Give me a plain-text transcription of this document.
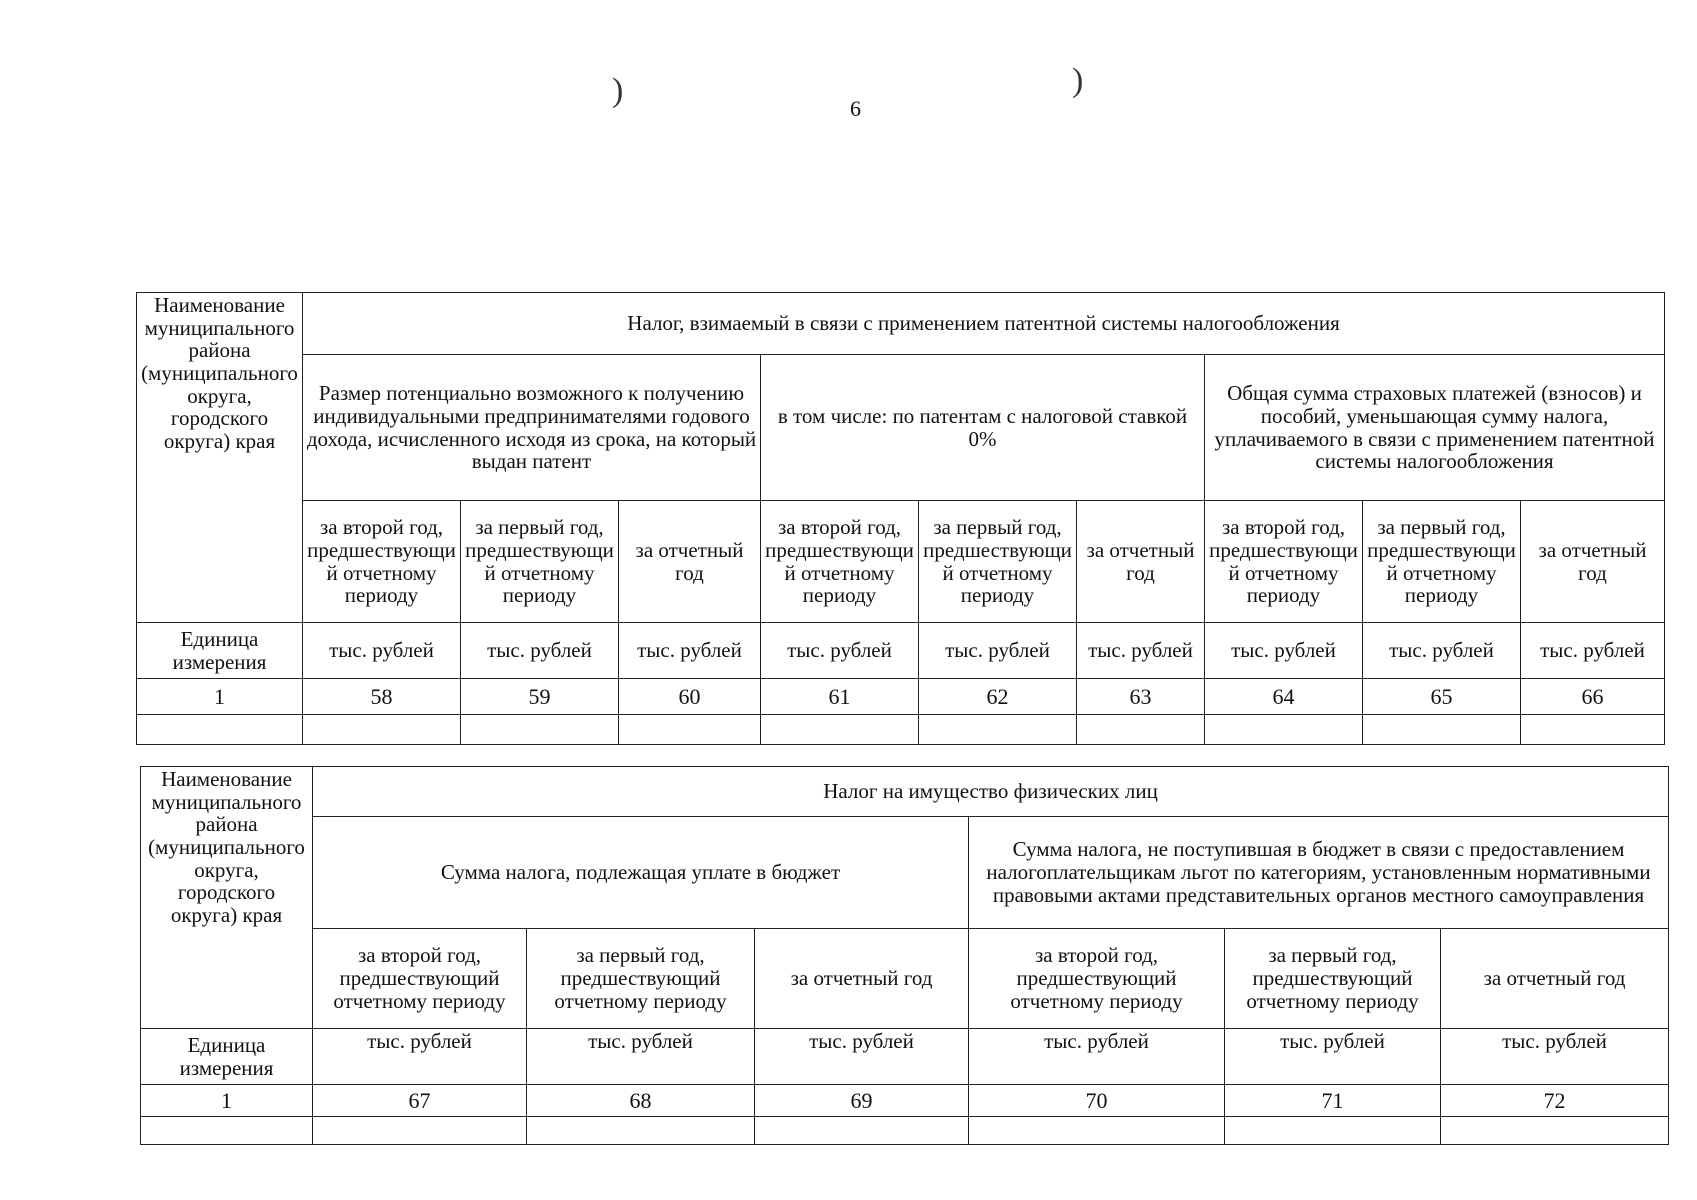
6
)	)
Наименование муниципального района (муниципального округа, городского округа) края	Налог, взимаемый в связи с применением патентной системы налогообложения								
	Размер потенциально возможного к получению индивидуальными предпринимателями годового дохода, исчисленного исходя из срока, на который выдан патент			в том числе: по патентам с налоговой ставкой 0%			Общая сумма страховых платежей (взносов) и пособий, уменьшающая сумму налога, уплачиваемого в связи с применением патентной системы налогообложения		
	за второй год, предшествующий отчетному периоду	за первый год, предшествующий отчетному периоду	за отчетный год	за второй год, предшествующий отчетному периоду	за первый год, предшествующий отчетному периоду	за отчетный год	за второй год, предшествующий отчетному периоду	за первый год, предшествующий отчетному периоду	за отчетный год
Единица измерения	тыс. рублей	тыс. рублей	тыс. рублей	тыс. рублей	тыс. рублей	тыс. рублей	тыс. рублей	тыс. рублей	тыс. рублей
1	58	59	60	61	62	63	64	65	66

Наименование муниципального района (муниципального округа, городского округа) края	Налог на имущество физических лиц					
	Сумма налога, подлежащая уплате в бюджет			Сумма налога, не поступившая в бюджет в связи с предоставлением налогоплательщикам льгот по категориям, установленным нормативными правовыми актами представительных органов местного самоуправления		
	за второй год, предшествующий отчетному периоду	за первый год, предшествующий отчетному периоду	за отчетный год	за второй год, предшествующий отчетному периоду	за первый год, предшествующий отчетному периоду	за отчетный год
Единица измерения	тыс. рублей	тыс. рублей	тыс. рублей	тыс. рублей	тыс. рублей	тыс. рублей
1	67	68	69	70	71	72
